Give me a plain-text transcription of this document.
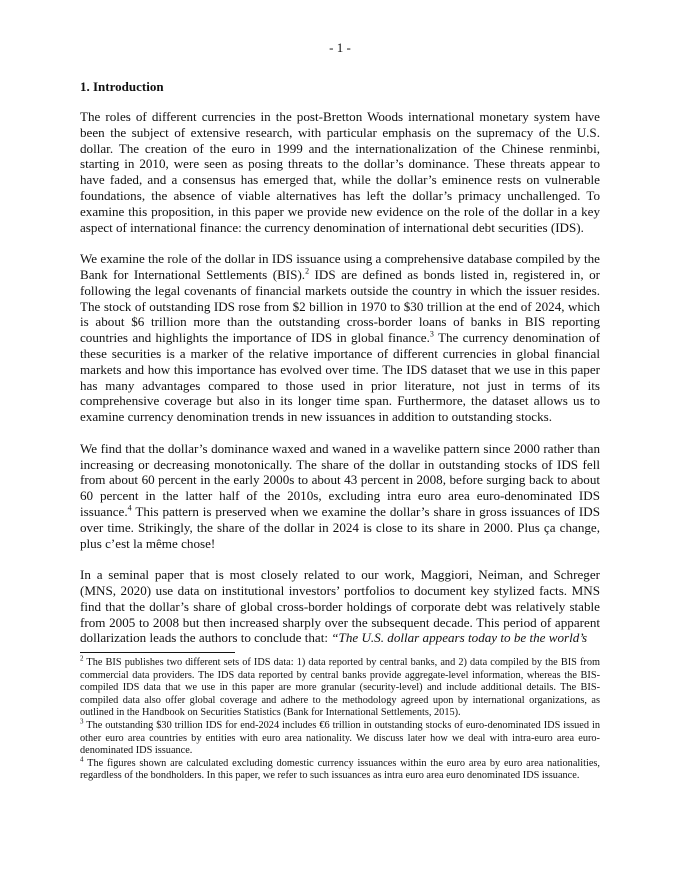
- 1 -
1. Introduction

The roles of different currencies in the post-Bretton Woods international monetary system have been the subject of extensive research, with particular emphasis on the supremacy of the U.S. dollar. The creation of the euro in 1999 and the internationalization of the Chinese renminbi, starting in 2010, were seen as posing threats to the dollar’s dominance. These threats appear to have faded, and a consensus has emerged that, while the dollar’s eminence rests on vulnerable foundations, the absence of viable alternatives has left the dollar’s primacy unchallenged. To examine this proposition, in this paper we provide new evidence on the role of the dollar in a key aspect of international finance: the currency denomination of international debt securities (IDS).

We examine the role of the dollar in IDS issuance using a comprehensive database compiled by the Bank for International Settlements (BIS).$^2$ IDS are defined as bonds listed in, registered in, or following the legal covenants of financial markets outside the country in which the issuer resides. The stock of outstanding IDS rose from $2 billion in 1970 to $30 trillion at the end of 2024, which is about $6 trillion more than the outstanding cross-border loans of banks in BIS reporting countries and highlights the importance of IDS in global finance.$^3$ The currency denomination of these securities is a marker of the relative importance of different currencies in global financial markets and how this importance has evolved over time. The IDS dataset that we use in this paper has many advantages compared to those used in prior literature, not just in terms of its comprehensive coverage but also in its longer time span. Furthermore, the dataset allows us to examine currency denomination trends in new issuances in addition to outstanding stocks.

We find that the dollar’s dominance waxed and waned in a wavelike pattern since 2000 rather than increasing or decreasing monotonically. The share of the dollar in outstanding stocks of IDS fell from about 60 percent in the early 2000s to about 43 percent in 2008, before surging back to about 60 percent in the latter half of the 2010s, excluding intra euro area euro-denominated IDS issuance.$^4$ This pattern is preserved when we examine the dollar’s share in gross issuances of IDS over time. Strikingly, the share of the dollar in 2024 is close to its share in 2000. Plus ça change, plus c’est la même chose!

In a seminal paper that is most closely related to our work, Maggiori, Neiman, and Schreger (MNS, 2020) use data on institutional investors’ portfolios to document key stylized facts. MNS find that the dollar’s share of global cross-border holdings of corporate debt was relatively stable from 2005 to 2008 but then increased sharply over the subsequent decade. This period of apparent dollarization leads the authors to conclude that: “The U.S. dollar appears today to be the world’s

$^2$ The BIS publishes two different sets of IDS data: 1) data reported by central banks, and 2) data compiled by the BIS from commercial data providers. The IDS data reported by central banks provide aggregate-level information, whereas the BIS-compiled IDS data that we use in this paper are more granular (security-level) and include additional details. The BIS-compiled data also offer global coverage and adhere to the methodology agreed upon by international organizations, as outlined in the Handbook on Securities Statistics (Bank for International Settlements, 2015).

$^3$ The outstanding $30 trillion IDS for end-2024 includes €6 trillion in outstanding stocks of euro-denominated IDS issued in other euro area countries by entities with euro area nationality. We discuss later how we deal with intra-euro area euro-denominated IDS issuance.

$^4$ The figures shown are calculated excluding domestic currency issuances within the euro area by euro area nationalities, regardless of the bondholders. In this paper, we refer to such issuances as intra euro area euro denominated IDS issuance.
